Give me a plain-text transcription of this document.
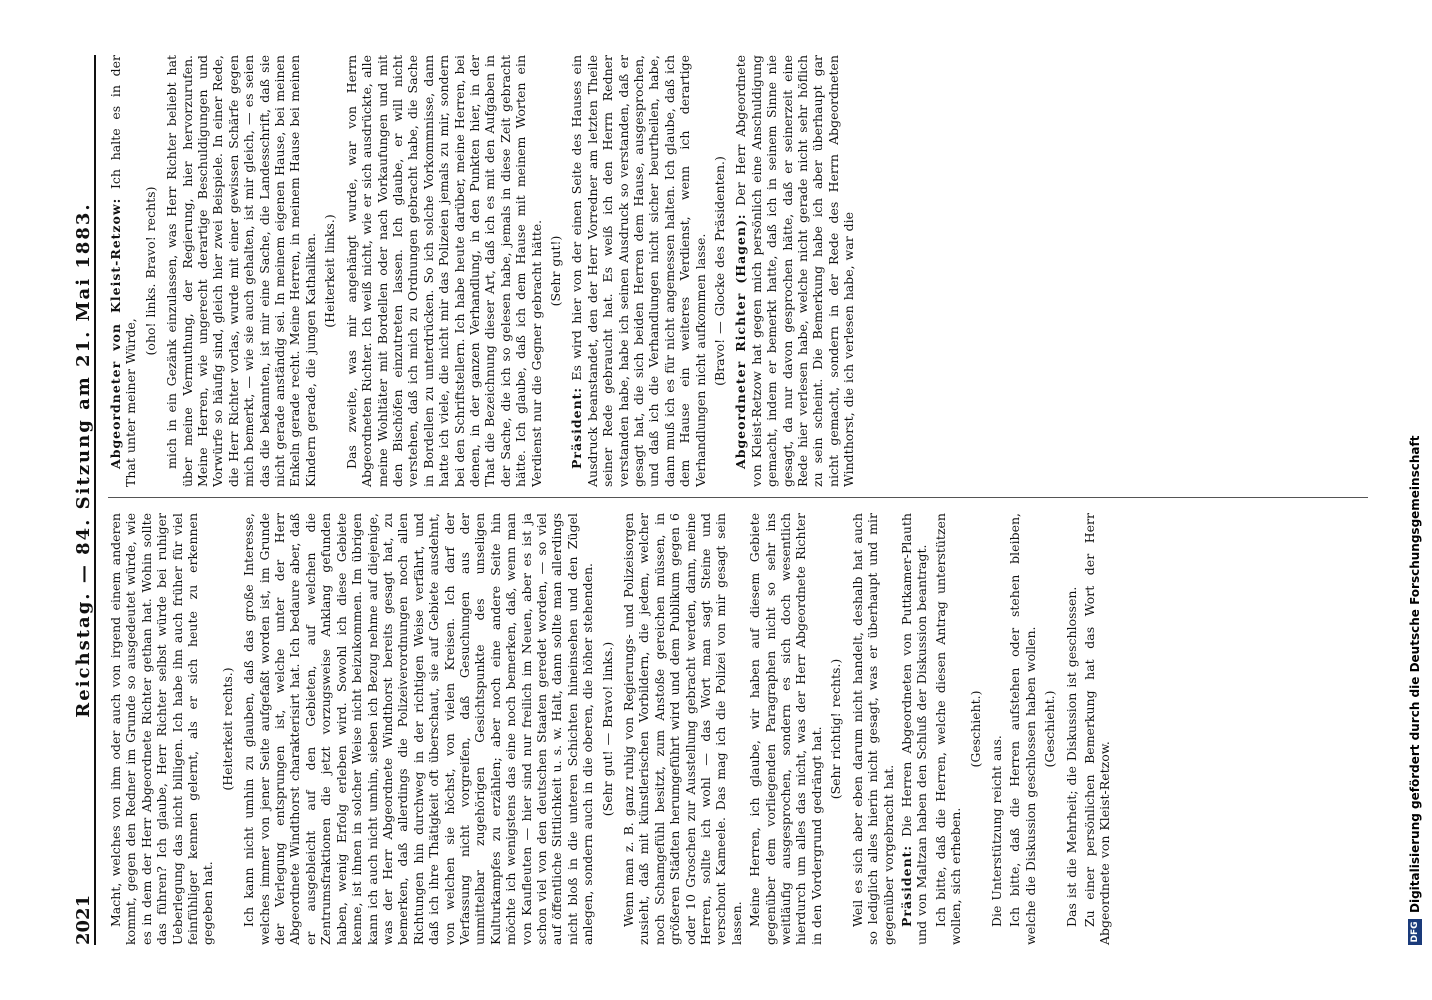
2021
Reichstag. — 84. Sitzung am 21. Mai 1883.

Macht, welches von ihm oder auch von irgend einem anderen kommt, gegen den Redner im Grunde so ausgedeutet würde, wie es in dem der Herr Abgeordnete Richter gethan hat. Wohin sollte das führen? Ich glaube, Herr Richter selbst würde bei ruhiger Ueberlegung das nicht billigen. Ich habe ihn auch früher für viel feinfühliger kennen gelernt, als er sich heute zu erkennen gegeben hat.

(Heiterkeit rechts.) Ich kann nicht umhin zu glauben, daß das große Interesse, welches immer von jener Seite aufgefaßt worden ist, im Grunde der Verlegung entsprungen ist, welche unter der Herr Abgeordnete Windthorst charakterisirt hat. Ich bedaure aber, daß er ausgebleicht auf den Gebieten, auf welchen die Zentrumsfraktionen die jetzt vorzugsweise Anklang gefunden haben, wenig Erfolg erleben wird. Sowohl ich diese Gebiete kenne, ist ihnen in solcher Weise nicht beizukommen. Im übrigen kann ich auch nicht umhin, sieben ich Bezug nehme auf diejenige, was der Herr Abgeordnete Windthorst bereits gesagt hat, zu bemerken, daß allerdings die Polizeiverordnungen noch allen Richtungen hin durchweg in der richtigen Weise verfährt, und daß ich ihre Thätigkeit oft überschaut, sie auf Gebiete ausdehnt, von welchen sie höchst, von vielen Kreisen. Ich darf der Verfassung nicht vorgreifen, daß Gesuchungen aus der unmittelbar zugehörigen Gesichtspunkte des unseligen Kulturkampfes zu erzählen; aber noch eine andere Seite hin möchte ich wenigstens das eine noch bemerken, daß, wenn man von Kaufleuten — hier sind nur freilich im Neuen, aber es ist ja schon viel von den deutschen Staaten geredet worden, — so viel auf öffentliche Sittlichkeit u. s. w. Halt, dann sollte man allerdings nicht bloß in die unteren Schichten hineinsehen und den Zügel anlegen, sondern auch in die oberen, die höher stehenden. (Sehr gut! — Bravo! links.) Wenn man z. B. ganz ruhig von Regierungs- und Polizeisorgen zusieht, daß mit künstlerischen Vorbildern, die jedem, welcher noch Schamgefühl besitzt, zum Anstoße gereichen müssen, in größeren Städten herumgeführt wird und dem Publikum gegen 6 oder 10 Groschen zur Ausstellung gebracht werden, dann, meine Herren, sollte ich wohl — das Wort man sagt Steine und verschont Kameele. Das mag ich die Polizei von mir gesagt sein lassen. Meine Herren, ich glaube, wir haben auf diesem Gebiete gegenüber dem vorliegenden Paragraphen nicht so sehr ins weitläufig ausgesprochen, sondern es sich doch wesentlich hierdurch um alles das nicht, was der Herr Abgeordnete Richter in den Vordergrund gedrängt hat. (Sehr richtig! rechts.) Weil es sich aber eben darum nicht handelt, deshalb hat auch so lediglich alles hierin nicht gesagt, was er überhaupt und mir gegenüber vorgebracht hat. Präsident: Die Herren Abgeordneten von Puttkamer-Plauth und von Maltzan haben den Schluß der Diskussion beantragt. Ich bitte, daß die Herren, welche diesen Antrag unterstützen wollen, sich erheben.

(Geschieht.)

Die Unterstützung reicht aus. Ich bitte, daß die Herren aufstehen oder stehen bleiben, welche die Diskussion geschlossen haben wollen. (Geschieht.) Das ist die Mehrheit; die Diskussion ist geschlossen. Zu einer persönlichen Bemerkung hat das Wort der Herr Abgeordnete von Kleist-Retzow.

Abgeordneter von Kleist-Retzow: Ich halte es in der That unter meiner Würde,

(oho! links. Bravo! rechts) mich in ein Gezänk einzulassen, was Herr Richter beliebt hat über meine Vermuthung, der Regierung, hier hervorzurufen. Meine Herren, wie ungerecht derartige Beschuldigungen und Vorwürfe so häufig sind, gleich hier zwei Beispiele. In einer Rede, die Herr Richter vorlas, wurde mit einer gewissen Schärfe gegen mich bemerkt, — wie sie auch gehalten, ist mir gleich, — es seien das die bekannten, ist mir eine Sache, die Landesschrift, daß sie nicht gerade anständig sei. In meinem eigenen Hause, bei meinen Enkeln gerade recht. Meine Herren, in meinem Hause bei meinen Kindern gerade, die jungen Kathaliken. (Heiterkeit links.) Das zweite, was mir angehängt wurde, war von Herrn Abgeordneten Richter. Ich weiß nicht, wie er sich ausdrückte, alle meine Wohltäter mit Bordellen oder nach Vorkaufungen und mit den Bischöfen einzutreten lassen. Ich glaube, er will nicht verstehen, daß ich mich zu Ordnungen gebracht habe, die Sache in Bordellen zu unterdrücken. So ich solche Vorkommnisse, dann hatte ich viele, die nicht mir das Polizeien jemals zu mir, sondern bei den Schriftstellern. Ich habe heute darüber, meine Herren, bei denen, in der ganzen Verhandlung, in den Punkten hier, in der That die Bezeichnung dieser Art, daß ich es mit den Aufgaben in der Sache, die ich so gelesen habe, jemals in diese Zeit gebracht hätte. Ich glaube, daß ich dem Hause mit meinem Worten ein Verdienst nur die Gegner gebracht hätte. (Sehr gut!)

Präsident: Es wird hier von der einen Seite des Hauses ein Ausdruck beanstandet, den der Herr Vorredner am letzten Theile seiner Rede gebraucht hat. Es weiß ich den Herrn Redner verstanden habe, habe ich seinen Ausdruck so verstanden, daß er gesagt hat, die sich beiden Herren dem Hause, ausgesprochen, und daß ich die Verhandlungen nicht sicher beurtheilen, habe, dann muß ich es für nicht angemessen halten. Ich glaube, daß ich dem Hause ein weiteres Verdienst, wenn ich derartige Verhandlungen nicht aufkommen lasse. (Bravo! — Glocke des Präsidenten.) Abgeordneter Richter (Hagen): Der Herr Abgeordnete von Kleist-Retzow hat gegen mich persönlich eine Anschuldigung gemacht, indem er bemerkt hatte, daß ich in seinem Sinne nie gesagt, da nur davon gesprochen hätte, daß er seinerzeit eine Rede hier verlesen habe, welche nicht gerade nicht sehr höflich zu sein scheint. Die Bemerkung habe ich aber überhaupt gar nicht gemacht, sondern in der Rede des Herrn Abgeordneten Windthorst, die ich verlesen habe, war die

DFG
Digitalisierung gefördert durch die Deutsche Forschungsgemeinschaft
